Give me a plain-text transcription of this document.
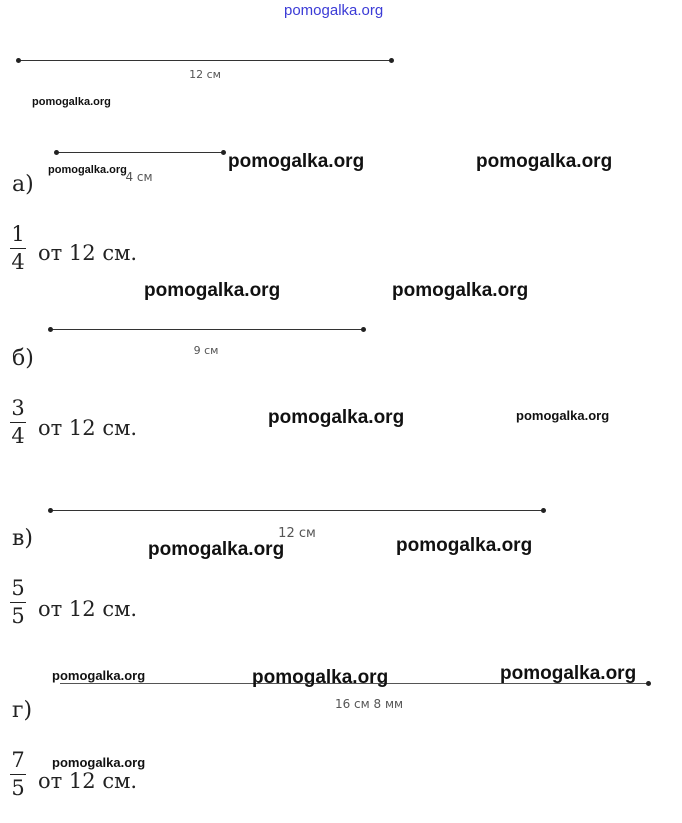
pomogalka.org
12 см
pomogalka.org
4 см
pomogalka.org
а)
1
4 от 12 см.
pomogalka.org	pomogalka.org
pomogalka.org	pomogalka.org
9 см
б)
3
4 от 12 см.	pomogalka.org	pomogalka.org
12 см
в)
5
5 от 12 см.
pomogalka.org	pomogalka.org
16 см 8 мм
г)
7
5 от 12 см.
pomogalka.org	pomogalka.org	pomogalka.org
pomogalka.org
